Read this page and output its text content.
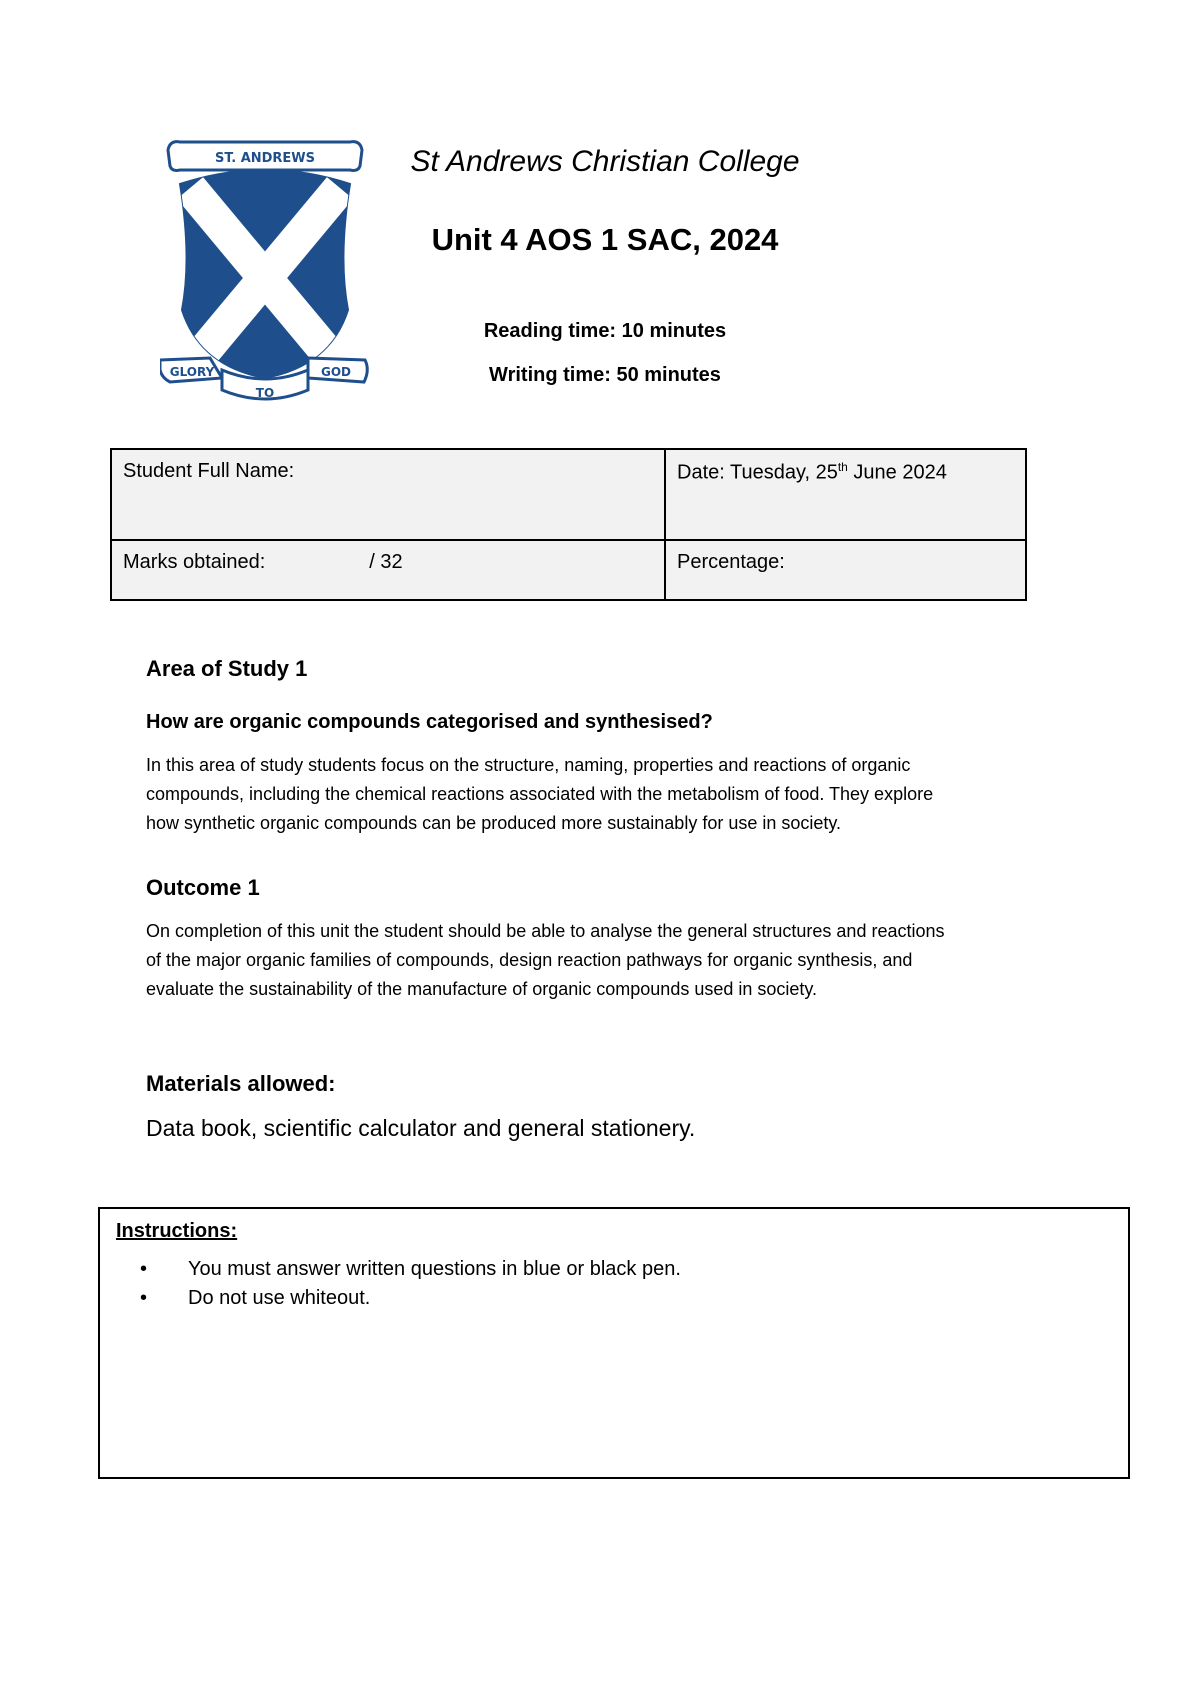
ST. ANDREWS
GLORY
TO
GOD
St Andrews Christian College
Unit 4 AOS 1 SAC, 2024
Reading time: 10 minutes
Writing time: 50 minutes
Student Full Name:	Date: Tuesday, 25th June 2024
Marks obtained: / 32	Percentage:
Area of Study 1
How are organic compounds categorised and synthesised?
In this area of study students focus on the structure, naming, properties and reactions of organic
compounds, including the chemical reactions associated with the metabolism of food. They explore
how synthetic organic compounds can be produced more sustainably for use in society.
Outcome 1
On completion of this unit the student should be able to analyse the general structures and reactions
of the major organic families of compounds, design reaction pathways for organic synthesis, and
evaluate the sustainability of the manufacture of organic compounds used in society.
Materials allowed:
Data book, scientific calculator and general stationery.
Instructions:
• You must answer written questions in blue or black pen.
• Do not use whiteout.
